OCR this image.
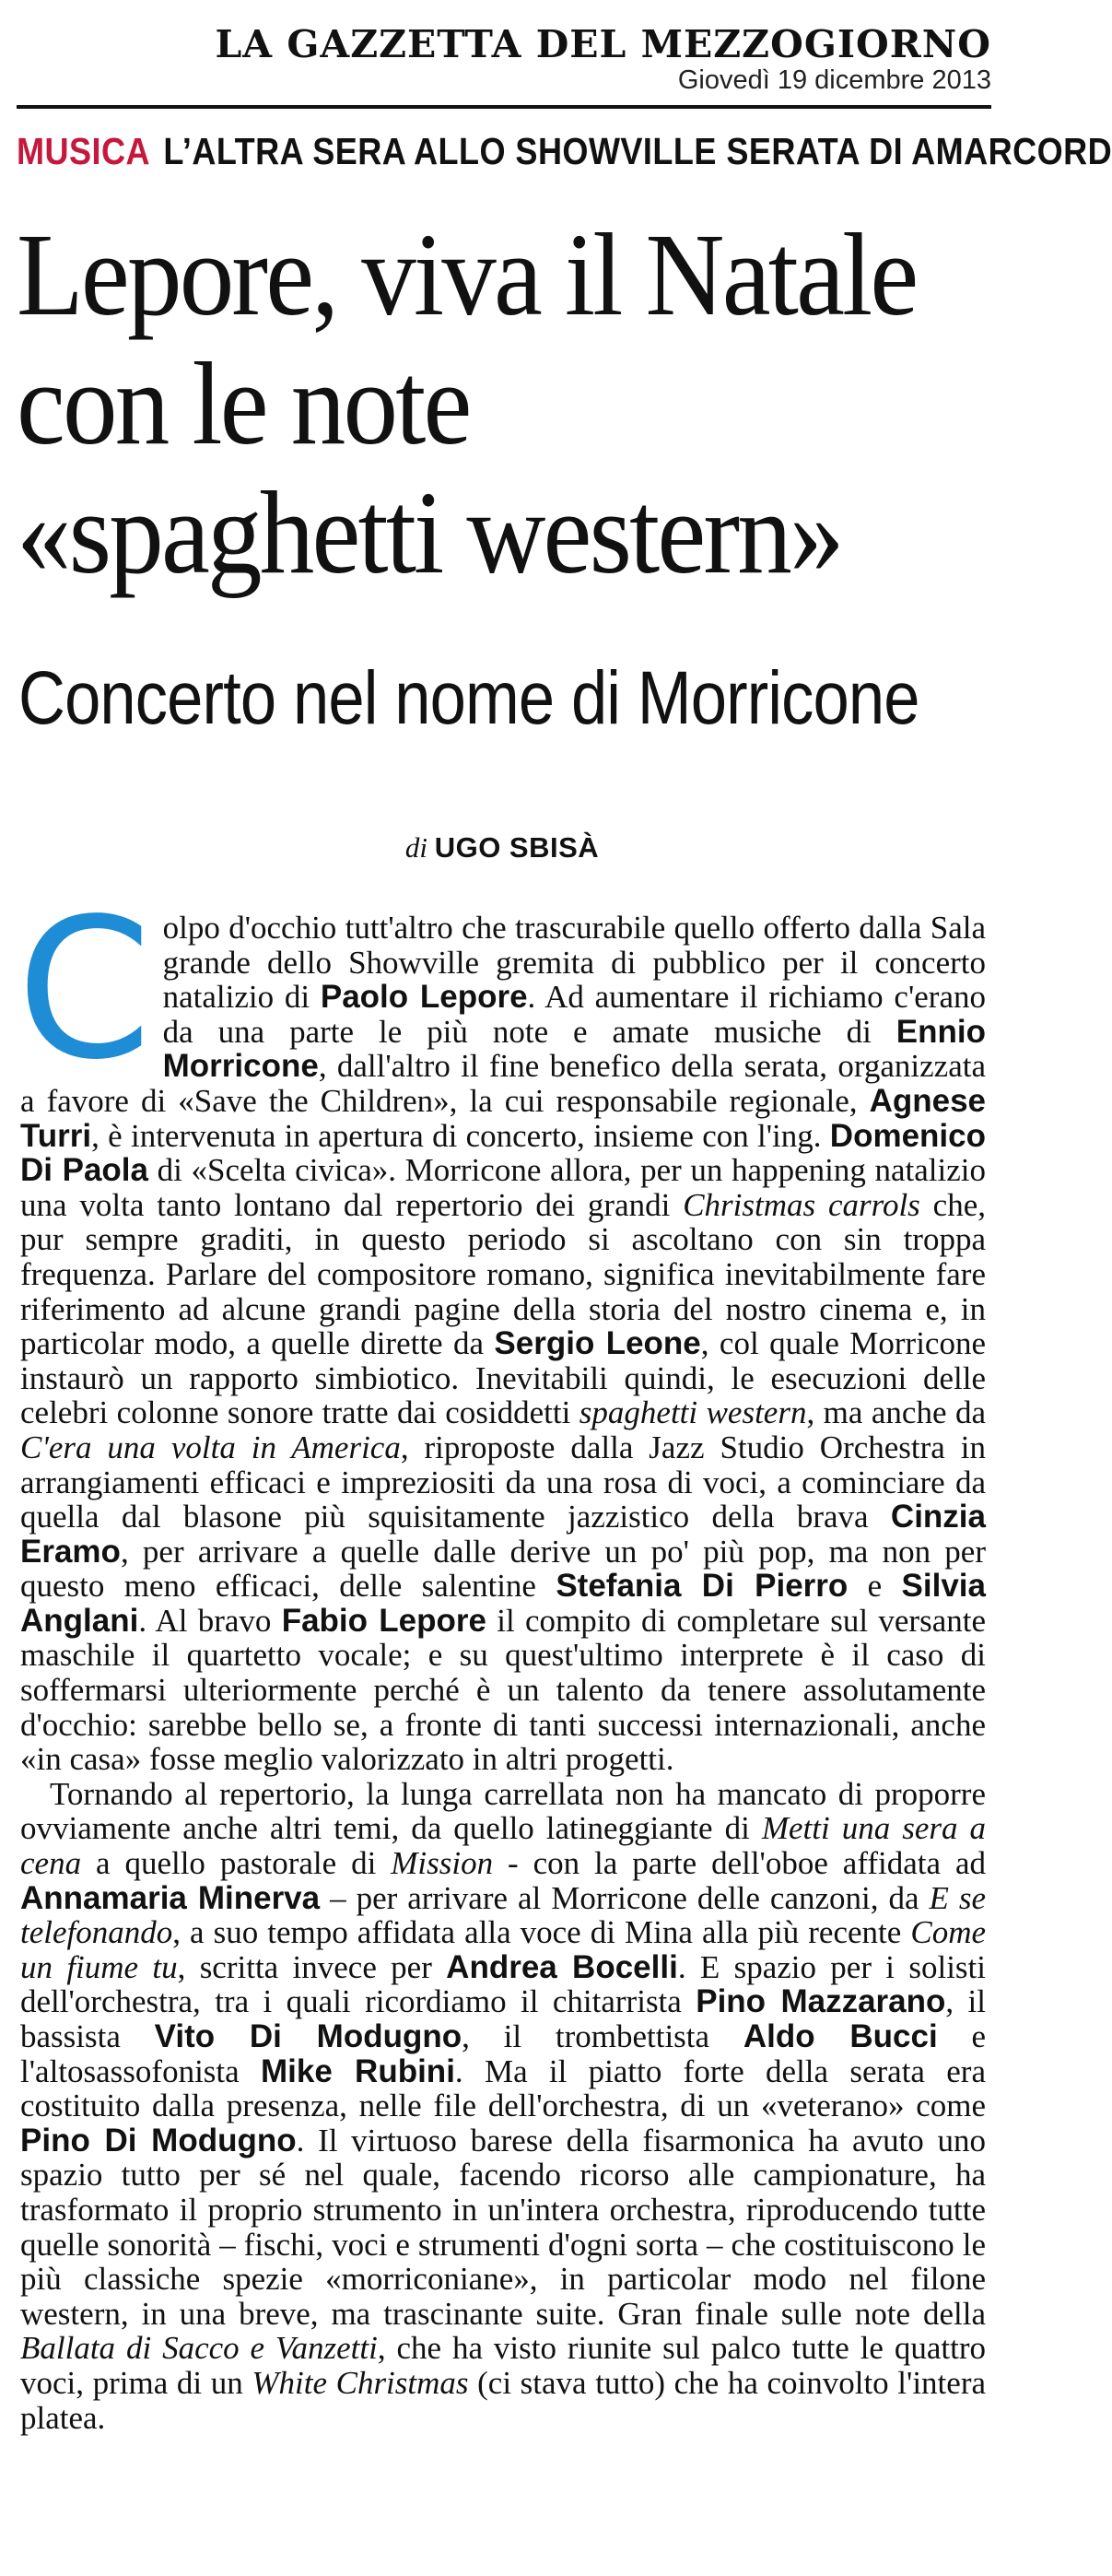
LA GAZZETTA DEL MEZZOGIORNO
Giovedì 19 dicembre 2013
MUSICA L’ALTRA SERA ALLO SHOWVILLE SERATA DI AMARCORD
Lepore, viva il Natale
con le note
«spaghetti western»
Concerto nel nome di Morricone
di UGO SBISÀ

Colpo d'occhio tutt'altro che trascurabile quello offerto dalla Sala grande dello Showville gremita di pubblico per il concerto natalizio di Paolo Lepore. Ad aumentare il richiamo c'erano da una parte le più note e amate musiche di Ennio Morricone, dall'altro il fine benefico della serata, organizzata a favore di «Save the Children», la cui responsabile regionale, Agnese Turri, è intervenuta in apertura di concerto, insieme con l'ing. Domenico Di Paola di «Scelta civica». Morricone allora, per un happening natalizio una volta tanto lontano dal repertorio dei grandi Christmas carrols che, pur sempre graditi, in questo periodo si ascoltano con sin troppa frequenza. Parlare del compositore romano, significa inevitabilmente fare riferimento ad alcune grandi pagine della storia del nostro cinema e, in particolar modo, a quelle dirette da Sergio Leone, col quale Morricone instaurò un rapporto simbiotico. Inevitabili quindi, le esecuzioni delle celebri colonne sonore tratte dai cosiddetti spaghetti western, ma anche da C'era una volta in America, riproposte dalla Jazz Studio Orchestra in arrangiamenti efficaci e impreziositi da una rosa di voci, a cominciare da quella dal blasone più squisitamente jazzistico della brava Cinzia Eramo, per arrivare a quelle dalle derive un po' più pop, ma non per questo meno efficaci, delle salentine Stefania Di Pierro e Silvia Anglani. Al bravo Fabio Lepore il compito di completare sul versante maschile il quartetto vocale; e su quest'ultimo interprete è il caso di soffermarsi ulteriormente perché è un talento da tenere assolutamente d'occhio: sarebbe bello se, a fronte di tanti successi internazionali, anche «in casa» fosse meglio valorizzato in altri progetti.

Tornando al repertorio, la lunga carrellata non ha mancato di proporre ovviamente anche altri temi, da quello latineggiante di Metti una sera a cena a quello pastorale di Mission - con la parte dell'oboe affidata ad Annamaria Minerva – per arrivare al Morricone delle canzoni, da E se telefonando, a suo tempo affidata alla voce di Mina alla più recente Come un fiume tu, scritta invece per Andrea Bocelli. E spazio per i solisti dell'orchestra, tra i quali ricordiamo il chitarrista Pino Mazzarano, il bassista Vito Di Modugno, il trombettista Aldo Bucci e l'altosassofonista Mike Rubini. Ma il piatto forte della serata era costituito dalla presenza, nelle file dell'orchestra, di un «veterano» come Pino Di Modugno. Il virtuoso barese della fisarmonica ha avuto uno spazio tutto per sé nel quale, facendo ricorso alle campionature, ha trasformato il proprio strumento in un'intera orchestra, riproducendo tutte quelle sonorità – fischi, voci e strumenti d'ogni sorta – che costituiscono le più classiche spezie «morriconiane», in particolar modo nel filone western, in una breve, ma trascinante suite. Gran finale sulle note della Ballata di Sacco e Vanzetti, che ha visto riunite sul palco tutte le quattro voci, prima di un White Christmas (ci stava tutto) che ha coinvolto l'intera platea.
